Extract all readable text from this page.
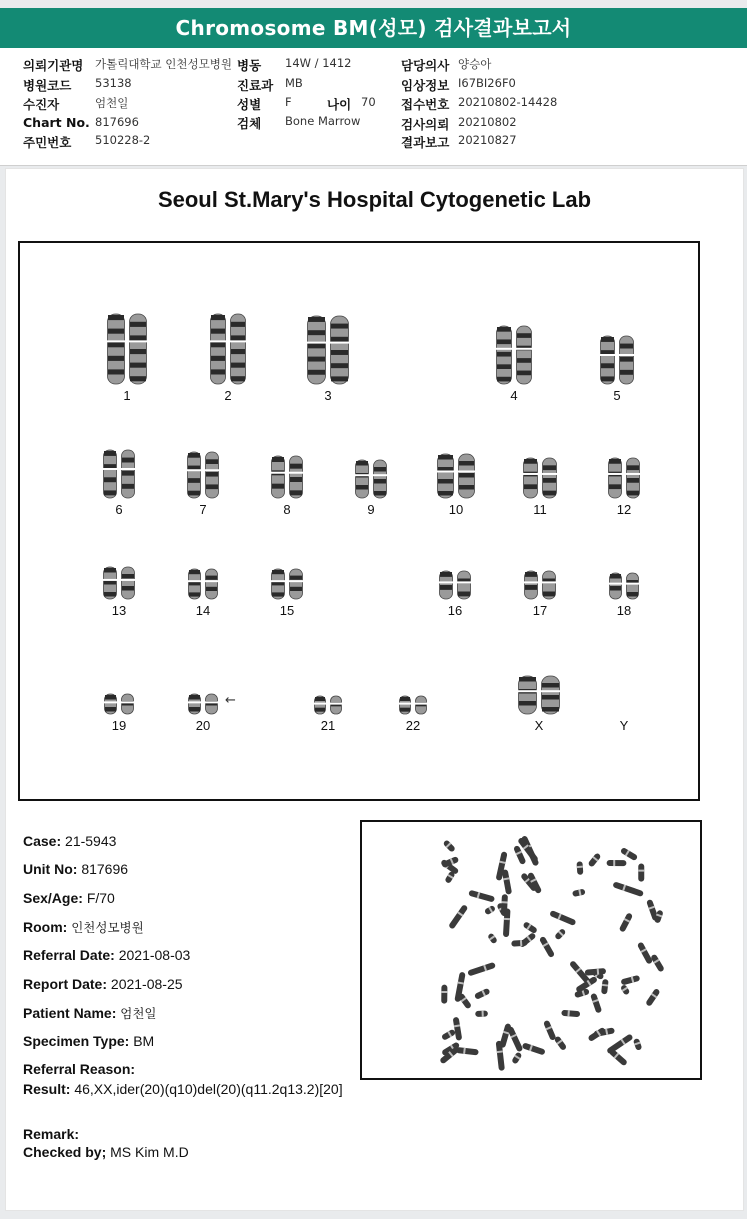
Chromosome BM(성모) 검사결과보고서
의뢰기관명 가톨릭대학교 인천성모병원
병원코드 53138
수진자	엄천일
Chart No. 817696
주민번호 510228-2
병동 14W / 1412
진료과 MB
성별 F	나이 70
검체 Bone Marrow
담당의사 양승아
임상정보 I67BI26F0
접수번호 20210802-14428
검사의뢰 20210802
결과보고 20210827
Seoul St.Mary's Hospital Cytogenetic Lab
1	2	3	4	5
6	7	8	9	10	11	12
13	14	15	16	17	18
19	20	21	22	X	Y
←
Case: 21-5943
Unit No: 817696
Sex/Age: F/70
Room: 인천성모병원
Referral Date: 2021-08-03
Report Date: 2021-08-25
Patient Name: 엄천일
Specimen Type: BM
Referral Reason:
Result: 46,XX,ider(20)(q10)del(20)(q11.2q13.2)[20]
Remark:
Checked by; MS Kim M.D
